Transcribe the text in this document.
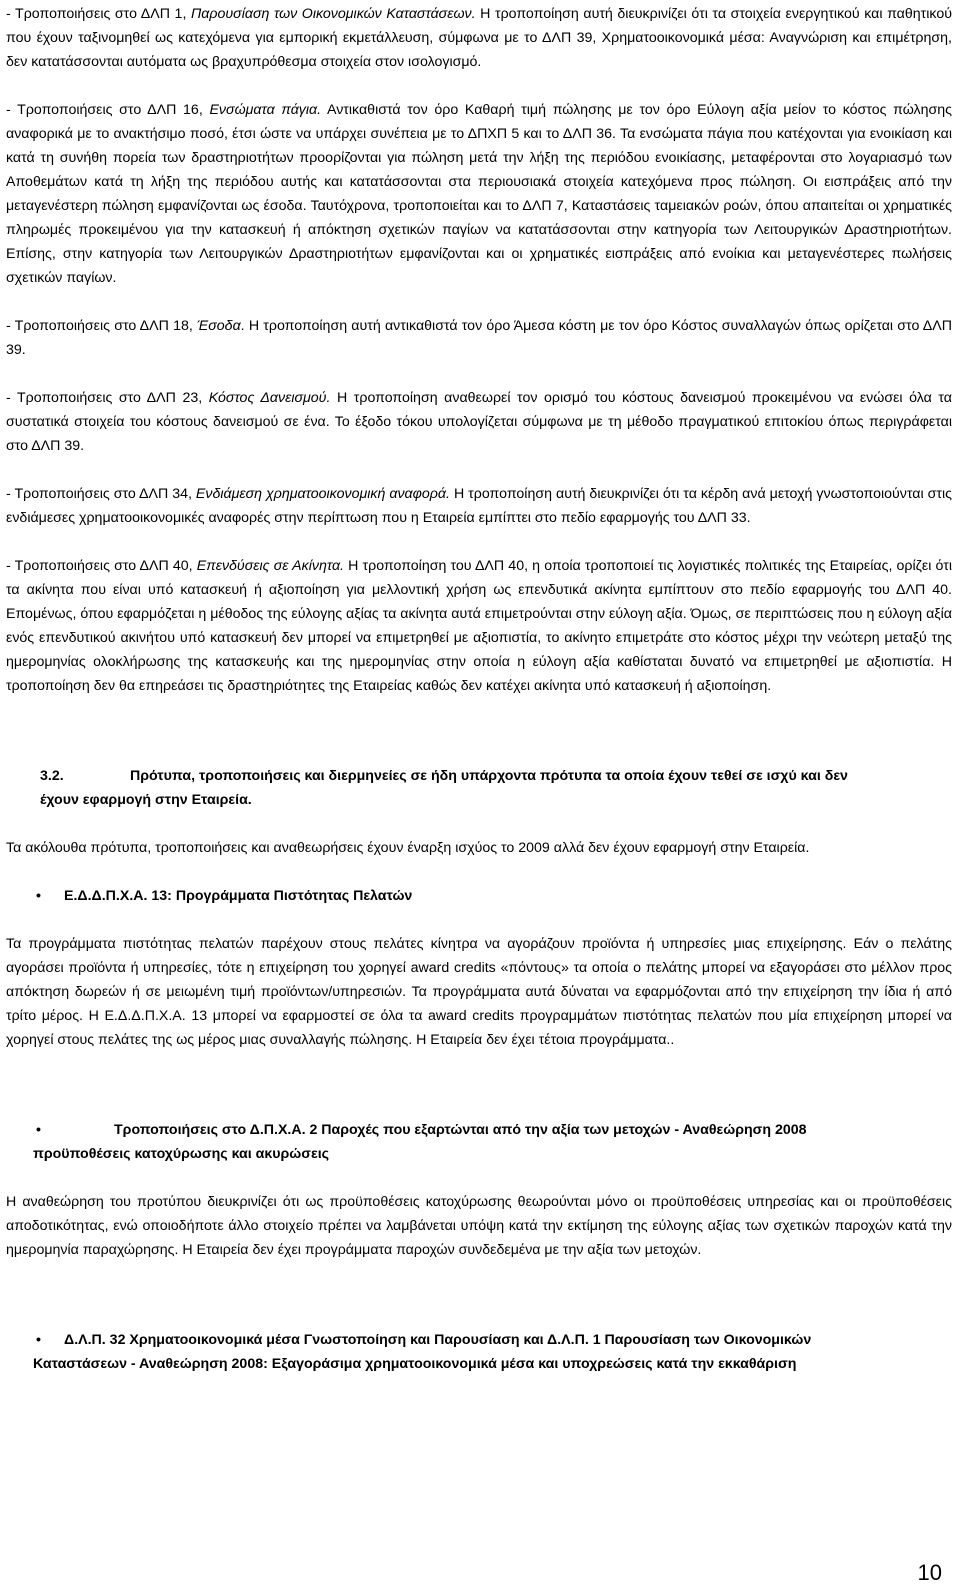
- Τροποποιήσεις στο ΔΛΠ 1, Παρουσίαση των Οικονομικών Καταστάσεων. Η τροποποίηση αυτή διευκρινίζει ότι τα στοιχεία ενεργητικού και παθητικού που έχουν ταξινομηθεί ως κατεχόμενα για εμπορική εκμετάλλευση, σύμφωνα με το ΔΛΠ 39, Χρηματοοικονομικά μέσα: Αναγνώριση και επιμέτρηση, δεν κατατάσσονται αυτόματα ως βραχυπρόθεσμα στοιχεία στον ισολογισμό.

- Τροποποιήσεις στο ΔΛΠ 16, Ενσώματα πάγια. Αντικαθιστά τον όρο Καθαρή τιμή πώλησης με τον όρο Εύλογη αξία μείον το κόστος πώλησης αναφορικά με το ανακτήσιμο ποσό, έτσι ώστε να υπάρχει συνέπεια με το ΔΠΧΠ 5 και το ΔΛΠ 36. Τα ενσώματα πάγια που κατέχονται για ενοικίαση και κατά τη συνήθη πορεία των δραστηριοτήτων προορίζονται για πώληση μετά την λήξη της περιόδου ενοικίασης, μεταφέρονται στο λογαριασμό των Αποθεμάτων κατά τη λήξη της περιόδου αυτής και κατατάσσονται στα περιουσιακά στοιχεία κατεχόμενα προς πώληση. Οι εισπράξεις από την μεταγενέστερη πώληση εμφανίζονται ως έσοδα. Ταυτόχρονα, τροποποιείται και το ΔΛΠ 7, Καταστάσεις ταμειακών ροών, όπου απαιτείται οι χρηματικές πληρωμές προκειμένου για την κατασκευή ή απόκτηση σχετικών παγίων να κατατάσσονται στην κατηγορία των Λειτουργικών Δραστηριοτήτων. Επίσης, στην κατηγορία των Λειτουργικών Δραστηριοτήτων εμφανίζονται και οι χρηματικές εισπράξεις από ενοίκια και μεταγενέστερες πωλήσεις σχετικών παγίων.

- Τροποποιήσεις στο ΔΛΠ 18, Έσοδα. Η τροποποίηση αυτή αντικαθιστά τον όρο Άμεσα κόστη με τον όρο Κόστος συναλλαγών όπως ορίζεται στο ΔΛΠ 39.

- Τροποποιήσεις στο ΔΛΠ 23, Κόστος Δανεισμού. Η τροποποίηση αναθεωρεί τον ορισμό του κόστους δανεισμού προκειμένου να ενώσει όλα τα συστατικά στοιχεία του κόστους δανεισμού σε ένα. Το έξοδο τόκου υπολογίζεται σύμφωνα με τη μέθοδο πραγματικού επιτοκίου όπως περιγράφεται στο ΔΛΠ 39.

- Τροποποιήσεις στο ΔΛΠ 34, Ενδιάμεση χρηματοοικονομική αναφορά. Η τροποποίηση αυτή διευκρινίζει ότι τα κέρδη ανά μετοχή γνωστοποιούνται στις ενδιάμεσες χρηματοοικονομικές αναφορές στην περίπτωση που η Εταιρεία εμπίπτει στο πεδίο εφαρμογής του ΔΛΠ 33.

- Τροποποιήσεις στο ΔΛΠ 40, Επενδύσεις σε Ακίνητα. Η τροποποίηση του ΔΛΠ 40, η οποία τροποποιεί τις λογιστικές πολιτικές της Εταιρείας, ορίζει ότι τα ακίνητα που είναι υπό κατασκευή ή αξιοποίηση για μελλοντική χρήση ως επενδυτικά ακίνητα εμπίπτουν στο πεδίο εφαρμογής του ΔΛΠ 40. Επομένως, όπου εφαρμόζεται η μέθοδος της εύλογης αξίας τα ακίνητα αυτά επιμετρούνται στην εύλογη αξία. Όμως, σε περιπτώσεις που η εύλογη αξία ενός επενδυτικού ακινήτου υπό κατασκευή δεν μπορεί να επιμετρηθεί με αξιοπιστία, το ακίνητο επιμετράτε στο κόστος μέχρι την νεώτερη μεταξύ της ημερομηνίας ολοκλήρωσης της κατασκευής και της ημερομηνίας στην οποία η εύλογη αξία καθίσταται δυνατό να επιμετρηθεί με αξιοπιστία. Η τροποποίηση δεν θα επηρεάσει τις δραστηριότητες της Εταιρείας καθώς δεν κατέχει ακίνητα υπό κατασκευή ή αξιοποίηση.

3.2.	Πρότυπα, τροποποιήσεις και διερμηνείες σε ήδη υπάρχοντα πρότυπα τα οποία έχουν τεθεί σε ισχύ και δεν
έχουν εφαρμογή στην Εταιρεία.

Τα ακόλουθα πρότυπα, τροποποιήσεις και αναθεωρήσεις έχουν έναρξη ισχύος το 2009 αλλά δεν έχουν εφαρμογή στην Εταιρεία.

•	Ε.Δ.Δ.Π.Χ.Α. 13: Προγράμματα Πιστότητας Πελατών

Τα προγράμματα πιστότητας πελατών παρέχουν στους πελάτες κίνητρα να αγοράζουν προϊόντα ή υπηρεσίες μιας επιχείρησης. Εάν ο πελάτης αγοράσει προϊόντα ή υπηρεσίες, τότε η επιχείρηση του χορηγεί award credits «πόντους» τα οποία ο πελάτης μπορεί να εξαγοράσει στο μέλλον προς απόκτηση δωρεών ή σε μειωμένη τιμή προϊόντων/υπηρεσιών. Τα προγράμματα αυτά δύναται να εφαρμόζονται από την επιχείρηση την ίδια ή από τρίτο μέρος. Η Ε.Δ.Δ.Π.Χ.Α. 13 μπορεί να εφαρμοστεί σε όλα τα award credits προγραμμάτων πιστότητας πελατών που μία επιχείρηση μπορεί να χορηγεί στους πελάτες της ως μέρος μιας συναλλαγής πώλησης. Η Εταιρεία δεν έχει τέτοια προγράμματα..

•	Τροποποιήσεις στο Δ.Π.Χ.Α. 2 Παροχές που εξαρτώνται από την αξία των μετοχών - Αναθεώρηση 2008
προϋποθέσεις κατοχύρωσης και ακυρώσεις

Η αναθεώρηση του προτύπου διευκρινίζει ότι ως προϋποθέσεις κατοχύρωσης θεωρούνται μόνο οι προϋποθέσεις υπηρεσίας και οι προϋποθέσεις αποδοτικότητας, ενώ οποιοδήποτε άλλο στοιχείο πρέπει να λαμβάνεται υπόψη κατά την εκτίμηση της εύλογης αξίας των σχετικών παροχών κατά την ημερομηνία παραχώρησης. Η Εταιρεία δεν έχει προγράμματα παροχών συνδεδεμένα με την αξία των μετοχών.

•	Δ.Λ.Π. 32 Χρηματοοικονομικά μέσα Γνωστοποίηση και Παρουσίαση και Δ.Λ.Π. 1 Παρουσίαση των Οικονομικών
Καταστάσεων - Αναθεώρηση 2008: Εξαγοράσιμα χρηματοοικονομικά μέσα και υποχρεώσεις κατά την εκκαθάριση
10
